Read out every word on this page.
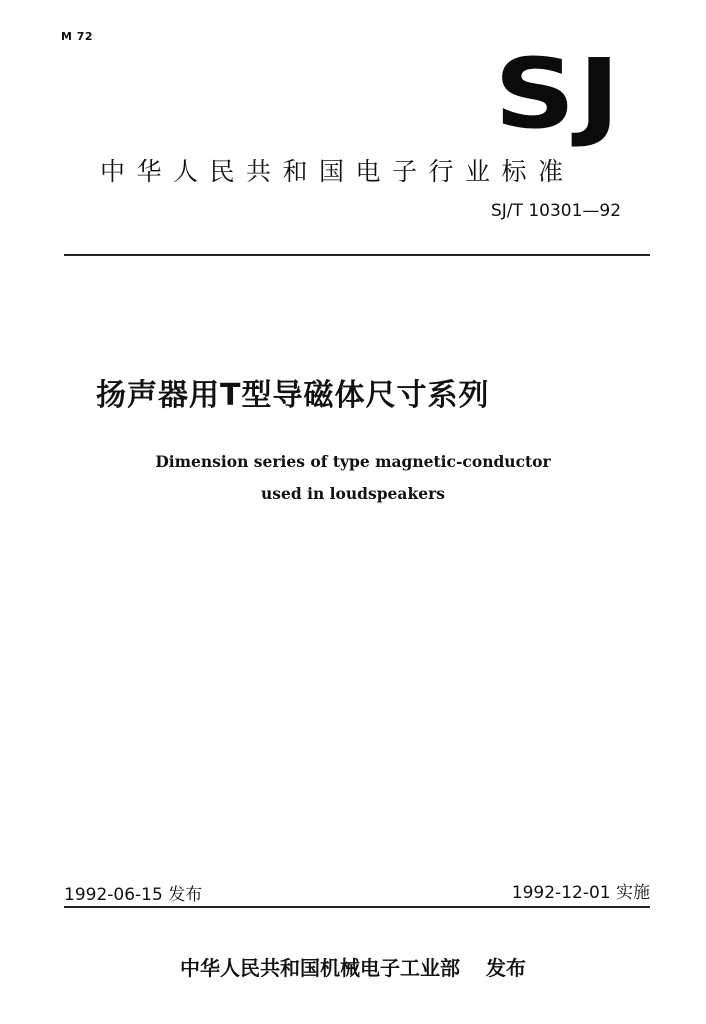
M 72
SJ
中华人民共和国电子行业标准
SJ/T 10301—92
扬声器用T型导磁体尺寸系列
Dimension series of type magnetic-conductor
used in loudspeakers
1992-06-15 发布	1992-12-01 实施
中华人民共和国机械电子工业部 发布
